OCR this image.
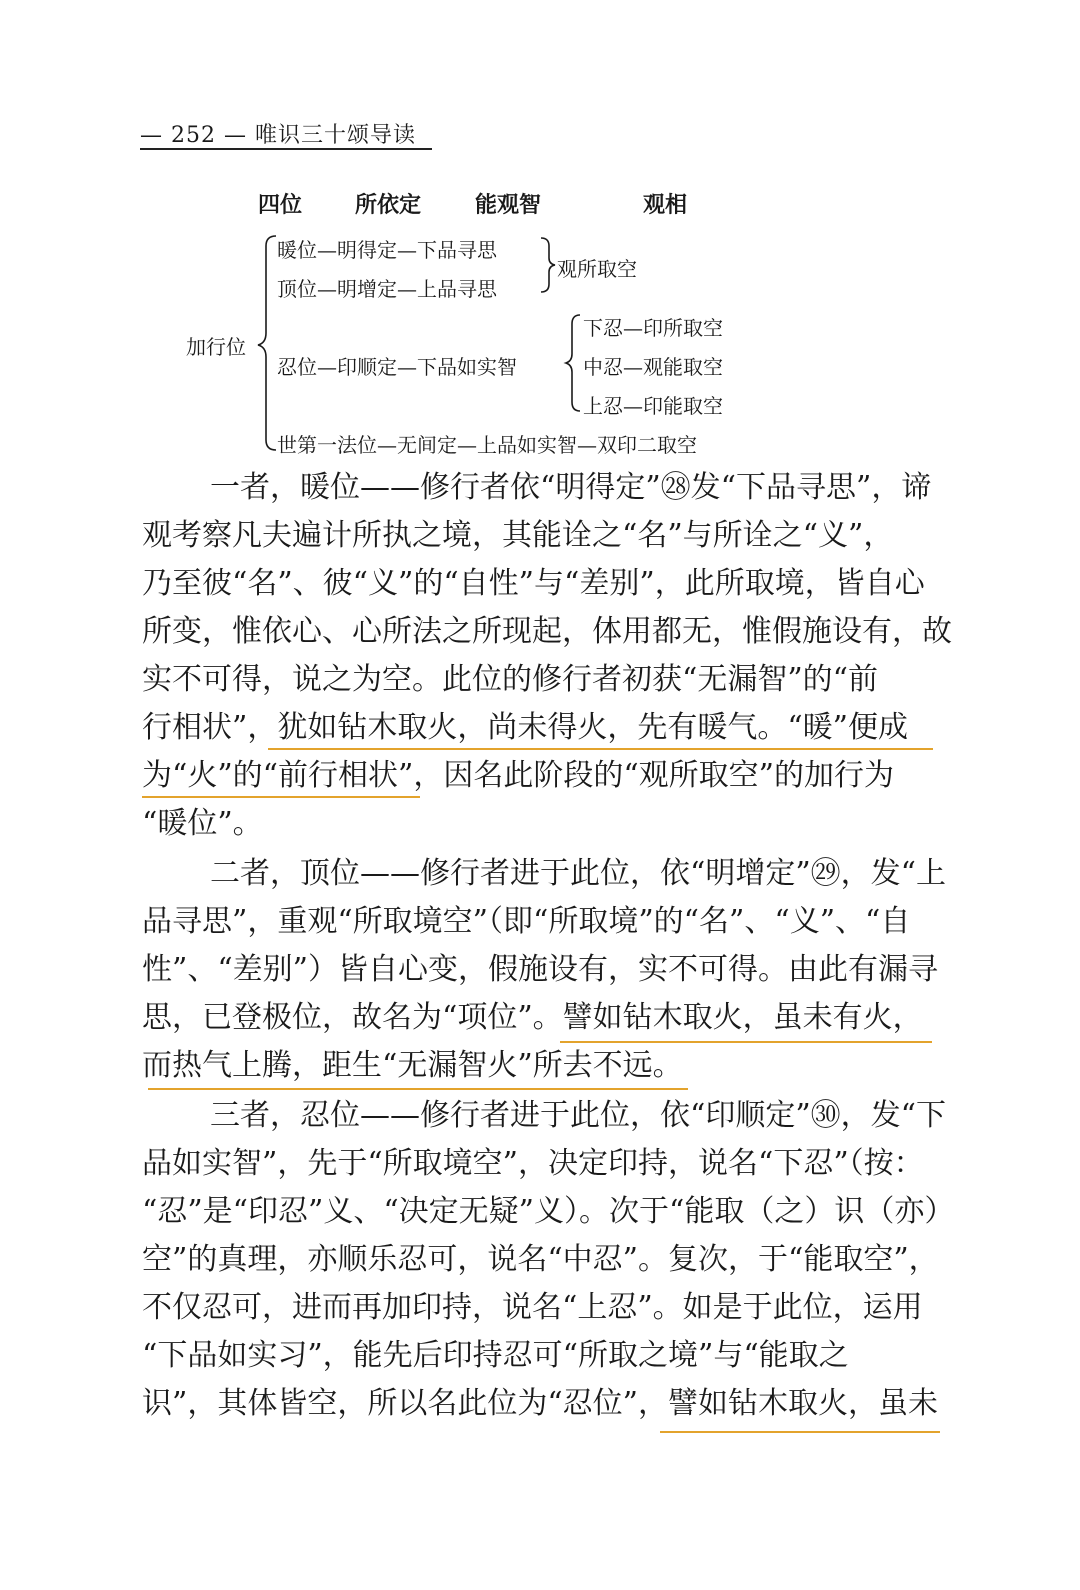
— 252 — 唯识三十颂导读
四位 所依定 能观智	观相
加行位
暖位—明得定—下品寻思
顶位—明增定—上品寻思
忍位—印顺定—下品如实智
世第一法位—无间定—上品如实智—双印二取空
观所取空
下忍—印所取空
中忍—观能取空
上忍—印能取空
一者，暖位——修行者依“明得定”㉘发“下品寻思”，谛
观考察凡夫遍计所执之境，其能诠之“名”与所诠之“义”，
乃至彼“名”、彼“义”的“自性”与“差别”，此所取境，皆自心
所变，惟依心、心所法之所现起，体用都无，惟假施设有，故
实不可得，说之为空。此位的修行者初获“无漏智”的“前
行相状”，犹如钻木取火，尚未得火，先有暖气。“暖”便成
为“火”的“前行相状”，因名此阶段的“观所取空”的加行为
“暖位”。
二者，顶位——修行者进于此位，依“明增定”㉙，发“上
品寻思”，重观“所取境空”（即“所取境”的“名”、“义”、“自
性”、“差别”）皆自心变，假施设有，实不可得。由此有漏寻
思，已登极位，故名为“项位”。譬如钻木取火，虽未有火，
而热气上腾，距生“无漏智火”所去不远。
三者，忍位——修行者进于此位，依“印顺定”㉚，发“下
品如实智”，先于“所取境空”，决定印持，说名“下忍”（按：
“忍”是“印忍”义、“决定无疑”义）。次于“能取（之）识（亦）
空”的真理，亦顺乐忍可，说名“中忍”。复次，于“能取空”，
不仅忍可，进而再加印持，说名“上忍”。如是于此位，运用
“下品如实习”，能先后印持忍可“所取之境”与“能取之
识”，其体皆空，所以名此位为“忍位”，譬如钻木取火，虽未
